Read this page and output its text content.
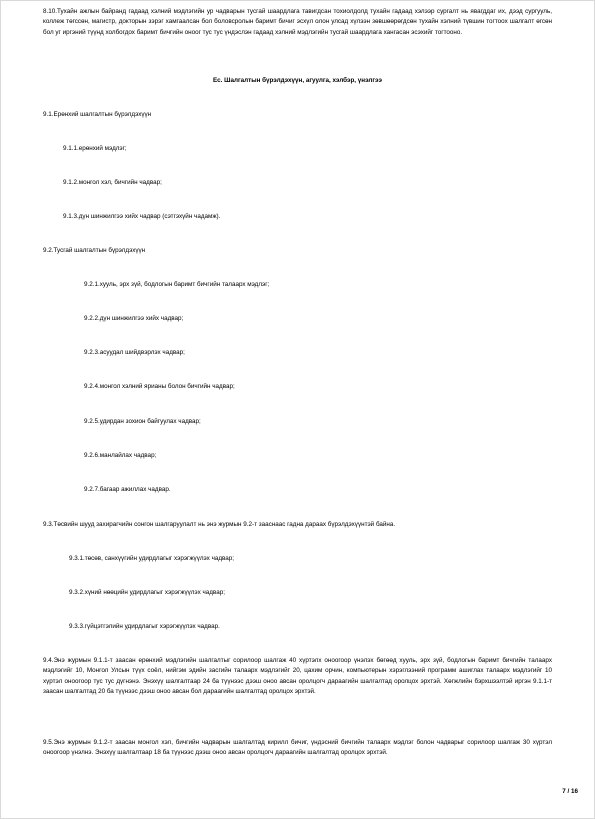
8.10.Тухайн ажлын байранд гадаад хэлний мэдлэгийн ур чадварын тусгай шаардлага тавигдсан тохиолдолд тухайн гадаад хэлээр сургалт нь явагддаг их, дээд сургууль, коллеж төгссөн, магистр, докторын зэрэг хамгаалсан бол боловсролын баримт бичиг эсхүл олон улсад хүлээн зөвшөөрөгдсөн тухайн хэлний түвшин тогтоох шалгалт өгсөн бол уг иргэний түүнд холбогдох баримт бичгийн оноог тус тус үндэслэн гадаад хэлний мэдлэгийн тусгай шаардлага хангасан эсэхийг тогтооно.
Ес. Шалгалтын бүрэлдэхүүн, агуулга, хэлбэр, үнэлгээ
9.1.Ерөнхий шалгалтын бүрэлдэхүүн
9.1.1.ерөнхий мэдлэг;
9.1.2.монгол хэл, бичгийн чадвар;
9.1.3.дүн шинжилгээ хийх чадвар (сэтгэхүйн чадамж).
9.2.Тусгай шалгалтын бүрэлдэхүүн
9.2.1.хууль, эрх зүй, бодлогын баримт бичгийн талаарх мэдлэг;
9.2.2.дүн шинжилгээ хийх чадвар;
9.2.3.асуудал шийдвэрлэх чадвар;
9.2.4.монгол хэлний ярианы болон бичгийн чадвар;
9.2.5.удирдан зохион байгуулах чадвар;
9.2.6.манлайлах чадвар;
9.2.7.багаар ажиллах чадвар.
9.3.Төсвийн шууд захирагчийн сонгон шалгаруулалт нь энэ журмын 9.2-т зааснаас гадна дараах бүрэлдэхүүнтэй байна.
9.3.1.төсөв, санхүүгийн удирдлагыг хэрэгжүүлэх чадвар;
9.3.2.хүний нөөцийн удирдлагыг хэрэгжүүлэх чадвар;
9.3.3.гүйцэтгэлийн удирдлагыг хэрэгжүүлэх чадвар.
9.4.Энэ журмын 9.1.1-т заасан ерөнхий мэдлэгийн шалгалтыг сорилоор шалгаж 40 хүртэлх оноогоор үнэлэх бөгөөд хууль, эрх зүй, бодлогын баримт бичгийн талаарх мэдлэгийг 10, Монгол Улсын түүх соёл, нийгэм эдийн засгийн талаарх мэдлэгийг 20, цахим орчин, компьютерын хэрэглээний программ ашиглах талаарх мэдлэгийг 10 хүртэл оноогоор тус тус дүгнэнэ. Энэхүү шалгалтаар 24 ба түүнээс дээш оноо авсан оролцогч дараагийн шалгалтад оролцох эрхтэй. Хөгжлийн бэрхшээлтэй иргэн 9.1.1-т заасан шалгалтад 20 ба түүнээс дээш оноо авсан бол дараагийн шалгалтад оролцох эрхтэй.
9.5.Энэ журмын 9.1.2-т заасан монгол хэл, бичгийн чадварын шалгалтад кирилл бичиг, үндэсний бичгийн талаарх мэдлэг болон чадварыг сорилоор шалгаж 30 хүртэл оноогоор үнэлнэ. Энэхүү шалгалтаар 18 ба түүнээс дээш оноо авсан оролцогч дараагийн шалгалтад оролцох эрхтэй.
7 / 16
